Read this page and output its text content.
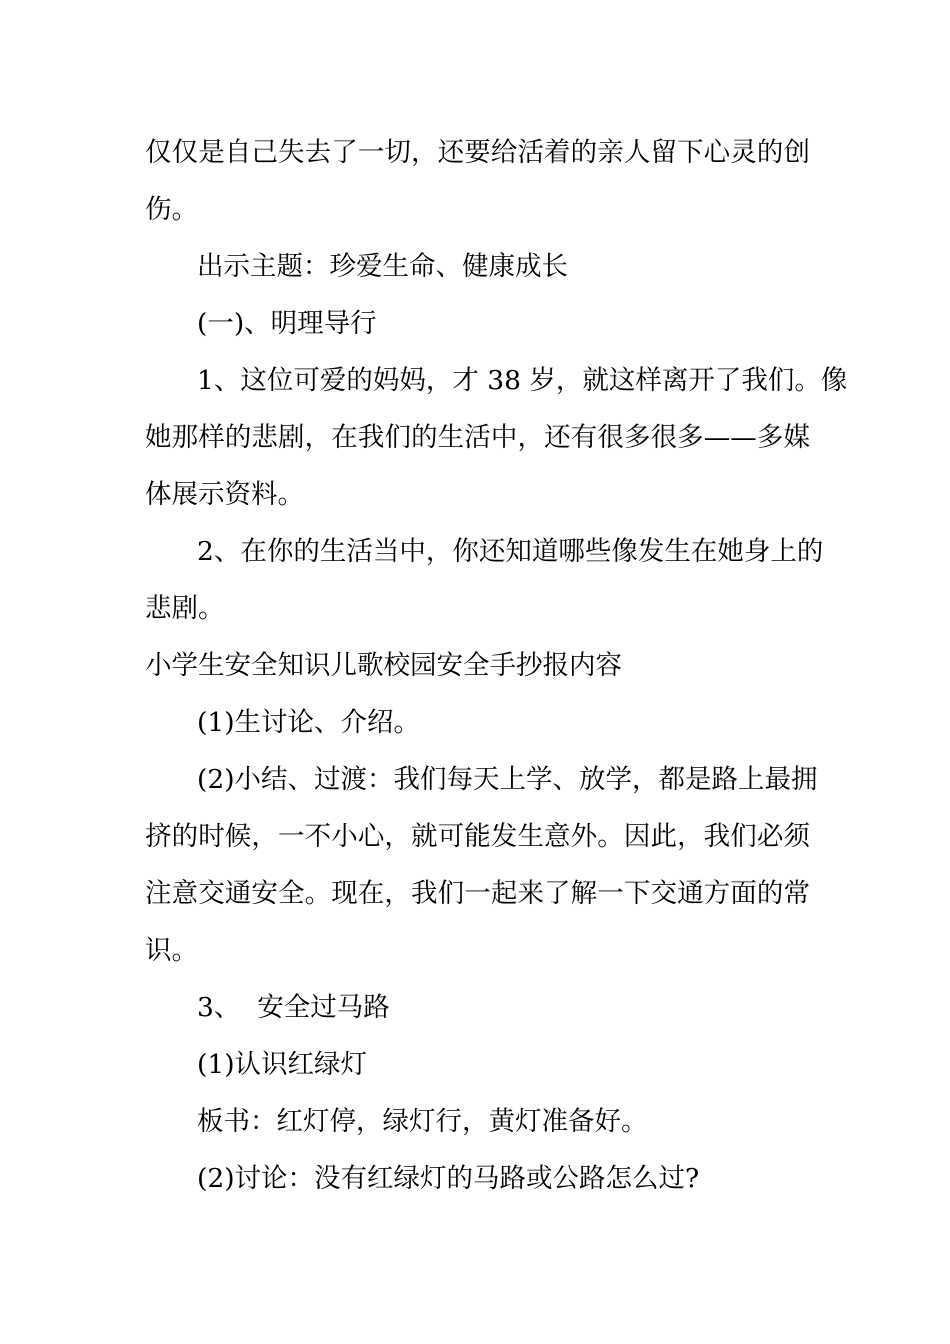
仅仅是自己失去了一切，还要给活着的亲人留下心灵的创
伤。
出示主题：珍爱生命、健康成长
(一)、明理导行
1、这位可爱的妈妈，才 38 岁，就这样离开了我们。像
她那样的悲剧，在我们的生活中，还有很多很多——多媒
体展示资料。
2、在你的生活当中，你还知道哪些像发生在她身上的
悲剧。
小学生安全知识儿歌校园安全手抄报内容
(1)生讨论、介绍。
(2)小结、过渡：我们每天上学、放学，都是路上最拥
挤的时候，一不小心，就可能发生意外。因此，我们必须
注意交通安全。现在，我们一起来了解一下交通方面的常
识。
3、  安全过马路
(1)认识红绿灯
板书：红灯停，绿灯行，黄灯准备好。
(2)讨论：没有红绿灯的马路或公路怎么过?
